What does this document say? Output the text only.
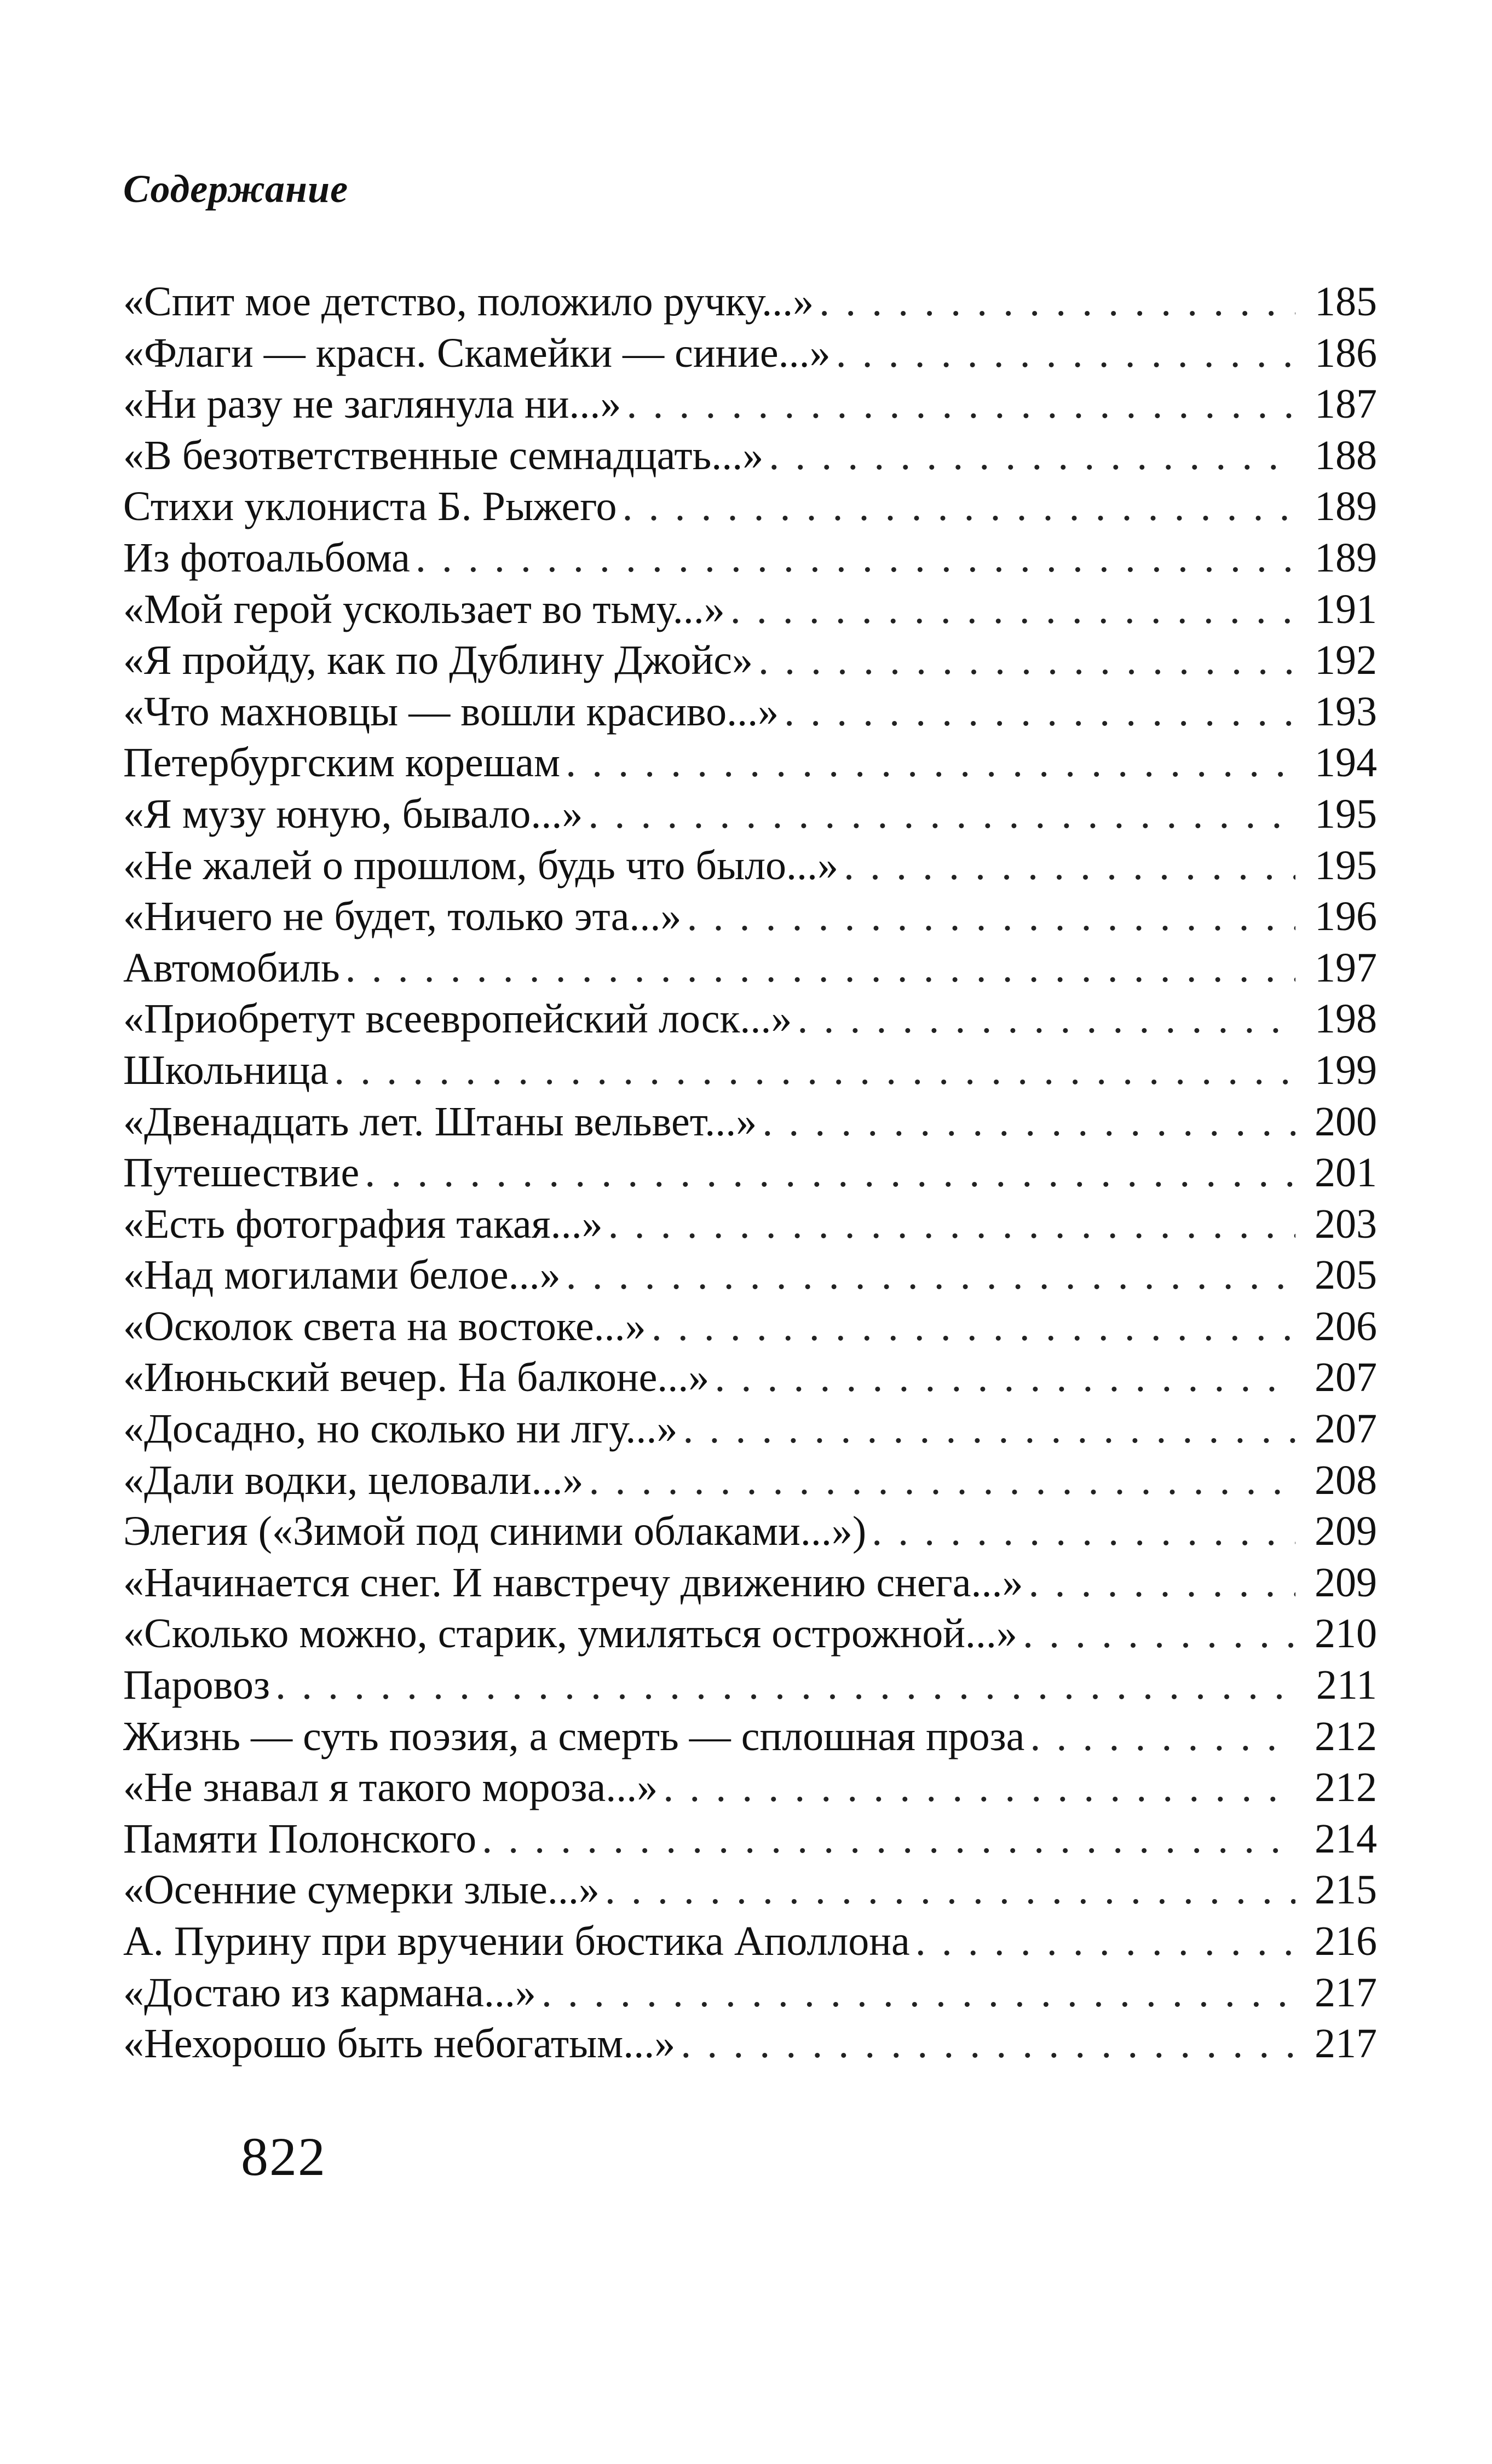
Содержание
«Спит мое детство, положило ручку...» . . .	185
«Флаги — красн. Скамейки — синие...» . . .	186
«Ни разу не заглянула ни...» . . .	187
«В безответственные семнадцать...» . . .	188
Стихи уклониста Б. Рыжего . . .	189
Из фотоальбома . . .	189
«Мой герой ускользает во тьму...» . . .	191
«Я пройду, как по Дублину Джойс» . . .	192
«Что махновцы — вошли красиво...» . . .	193
Петербургским корешам . . .	194
«Я музу юную, бывало...» . . .	195
«Не жалей о прошлом, будь что было...» . . .	195
«Ничего не будет, только эта...» . . .	196
Автомобиль . . .	197
«Приобретут всеевропейский лоск...» . . .	198
Школьница . . .	199
«Двенадцать лет. Штаны вельвет...» . . .	200
Путешествие . . .	201
«Есть фотография такая...» . . .	203
«Над могилами белое...» . . .	205
«Осколок света на востоке...» . . .	206
«Июньский вечер. На балконе...» . . .	207
«Досадно, но сколько ни лгу...» . . .	207
«Дали водки, целовали...» . . .	208
Элегия («Зимой под синими облаками...») . . .	209
«Начинается снег. И навстречу движению снега...» . . .	209
«Сколько можно, старик, умиляться острожной...» . . .	210
Паровоз . . .	211
Жизнь — суть поэзия, а смерть — сплошная проза . . .	212
«Не знавал я такого мороза...» . . .	212
Памяти Полонского . . .	214
«Осенние сумерки злые...» . . .	215
А. Пурину при вручении бюстика Аполлона . . .	216
«Достаю из кармана...» . . .	217
«Нехорошо быть небогатым...» . . .	217
822
